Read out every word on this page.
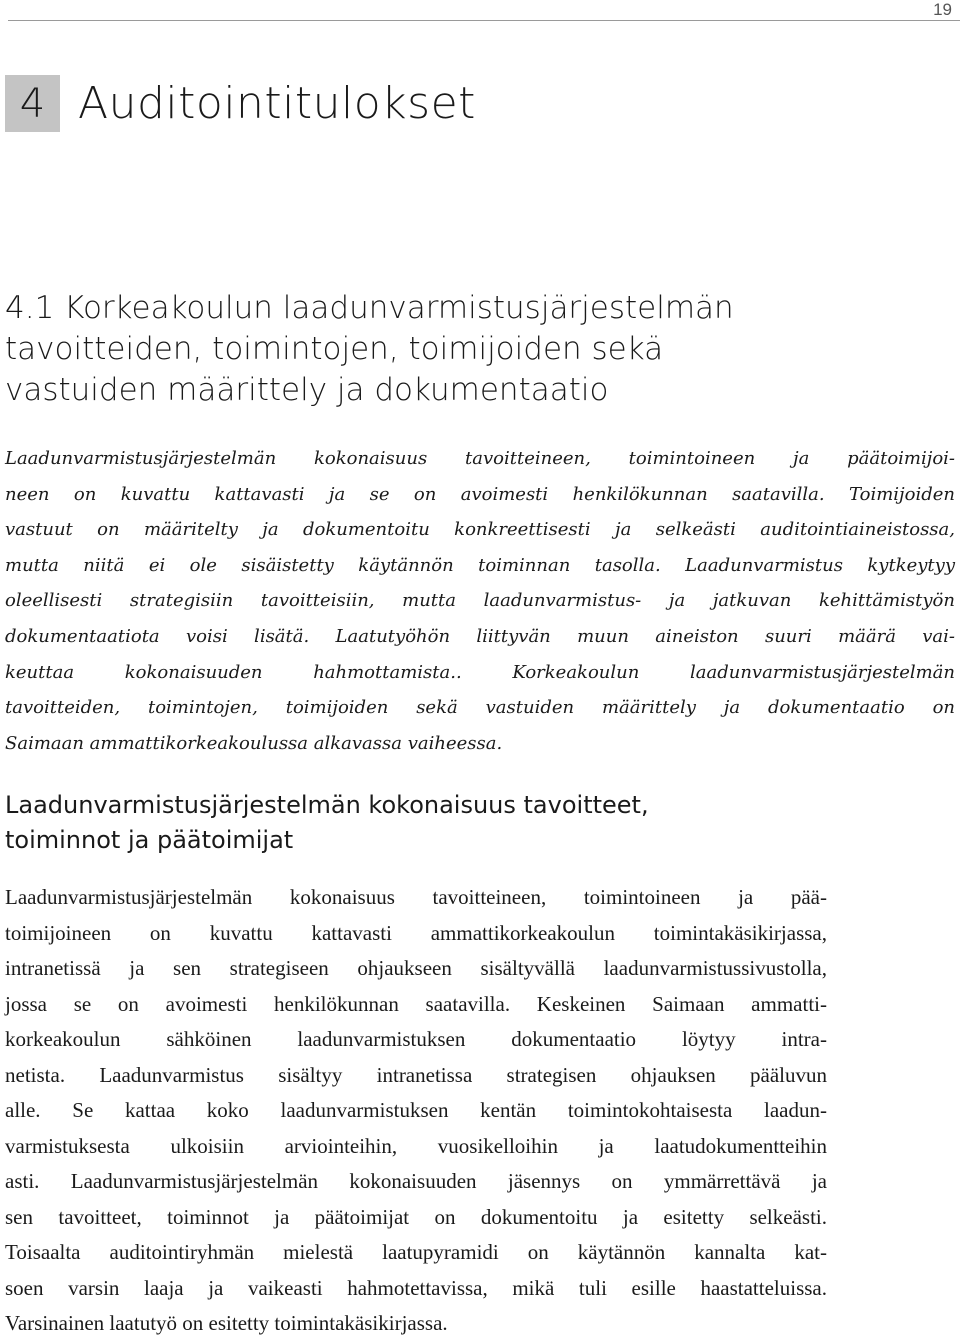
19
4 Auditointitulokset
4.1 Korkeakoulun laadunvarmistusjärjestelmän
tavoitteiden, toimintojen, toimijoiden sekä
vastuiden määrittely ja dokumentaatio
Laadunvarmistusjärjestelmän kokonaisuus tavoitteineen, toimintoineen ja päätoimijoi-
neen on kuvattu kattavasti ja se on avoimesti henkilökunnan saatavilla. Toimijoiden
vastuut on määritelty ja dokumentoitu konkreettisesti ja selkeästi auditointiaineistossa,
mutta niitä ei ole sisäistetty käytännön toiminnan tasolla. Laadunvarmistus kytkeytyy
oleellisesti strategisiin tavoitteisiin, mutta laadunvarmistus- ja jatkuvan kehittämistyön
dokumentaatiota voisi lisätä. Laatutyöhön liittyvän muun aineiston suuri määrä vai-
keuttaa kokonaisuuden hahmottamista.. Korkeakoulun laadunvarmistusjärjestelmän
tavoitteiden, toimintojen, toimijoiden sekä vastuiden määrittely ja dokumentaatio on
Saimaan ammattikorkeakoulussa alkavassa vaiheessa.
Laadunvarmistusjärjestelmän kokonaisuus tavoitteet,
toiminnot ja päätoimijat
Laadunvarmistusjärjestelmän kokonaisuus tavoitteineen, toimintoineen ja pää-
toimijoineen on kuvattu kattavasti ammattikorkeakoulun toimintakäsikirjassa,
intranetissä ja sen strategiseen ohjaukseen sisältyvällä laadunvarmistussivustolla,
jossa se on avoimesti henkilökunnan saatavilla. Keskeinen Saimaan ammatti-
korkeakoulun sähköinen laadunvarmistuksen dokumentaatio löytyy intra-
netista. Laadunvarmistus sisältyy intranetissa strategisen ohjauksen pääluvun
alle. Se kattaa koko laadunvarmistuksen kentän toimintokohtaisesta laadun-
varmistuksesta ulkoisiin arviointeihin, vuosikelloihin ja laatudokumentteihin
asti. Laadunvarmistusjärjestelmän kokonaisuuden jäsennys on ymmärrettävä ja
sen tavoitteet, toiminnot ja päätoimijat on dokumentoitu ja esitetty selkeästi.
Toisaalta auditointiryhmän mielestä laatupyramidi on käytännön kannalta kat-
soen varsin laaja ja vaikeasti hahmotettavissa, mikä tuli esille haastatteluissa.
Varsinainen laatutyö on esitetty toimintakäsikirjassa.
